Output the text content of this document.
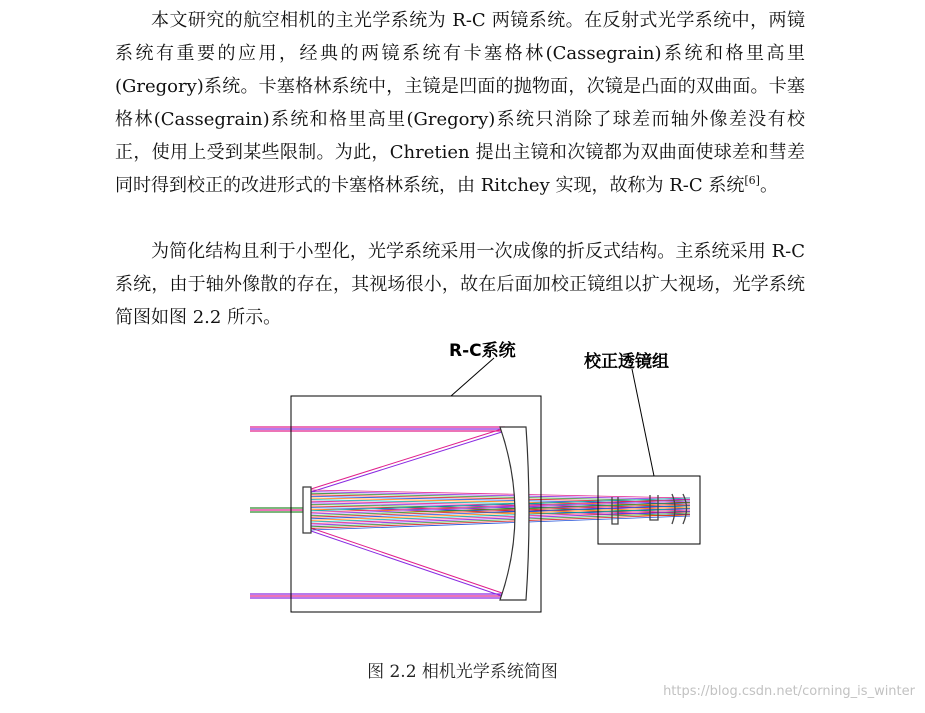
本文研究的航空相机的主光学系统为 R-C 两镜系统。在反射式光学系统中，两镜系统有重要的应用，经典的两镜系统有卡塞格林(Cassegrain)系统和格里高里(Gregory)系统。卡塞格林系统中，主镜是凹面的抛物面，次镜是凸面的双曲面。卡塞格林(Cassegrain)系统和格里高里(Gregory)系统只消除了球差而轴外像差没有校正，使用上受到某些限制。为此，Chretien 提出主镜和次镜都为双曲面使球差和彗差同时得到校正的改进形式的卡塞格林系统，由 Ritchey 实现，故称为 R-C 系统[6]。

为简化结构且利于小型化，光学系统采用一次成像的折反式结构。主系统采用 R-C 系统，由于轴外像散的存在，其视场很小，故在后面加校正镜组以扩大视场，光学系统简图如图 2.2 所示。

R-C系统

校正透镜组

图 2.2 相机光学系统简图

https://blog.csdn.net/corning_is_winter
